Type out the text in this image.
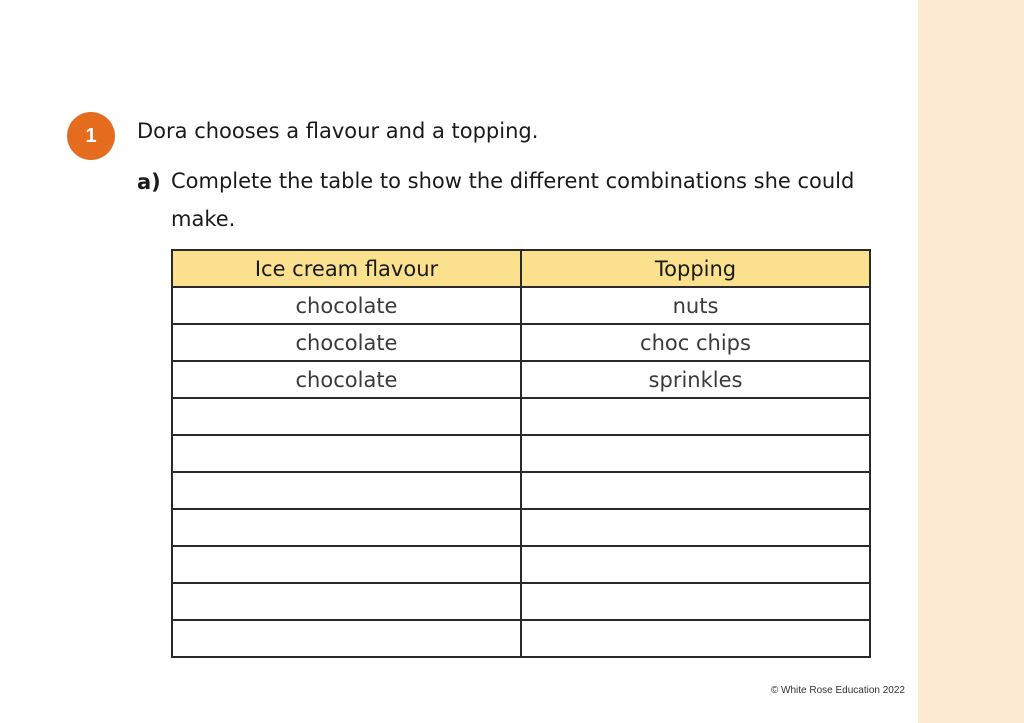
1	Dora chooses a flavour and a topping.
a) Complete the table to show the different combinations she could make.
Ice cream flavour	Topping
chocolate	nuts
chocolate	choc chips
chocolate	sprinkles

© White Rose Education 2022
